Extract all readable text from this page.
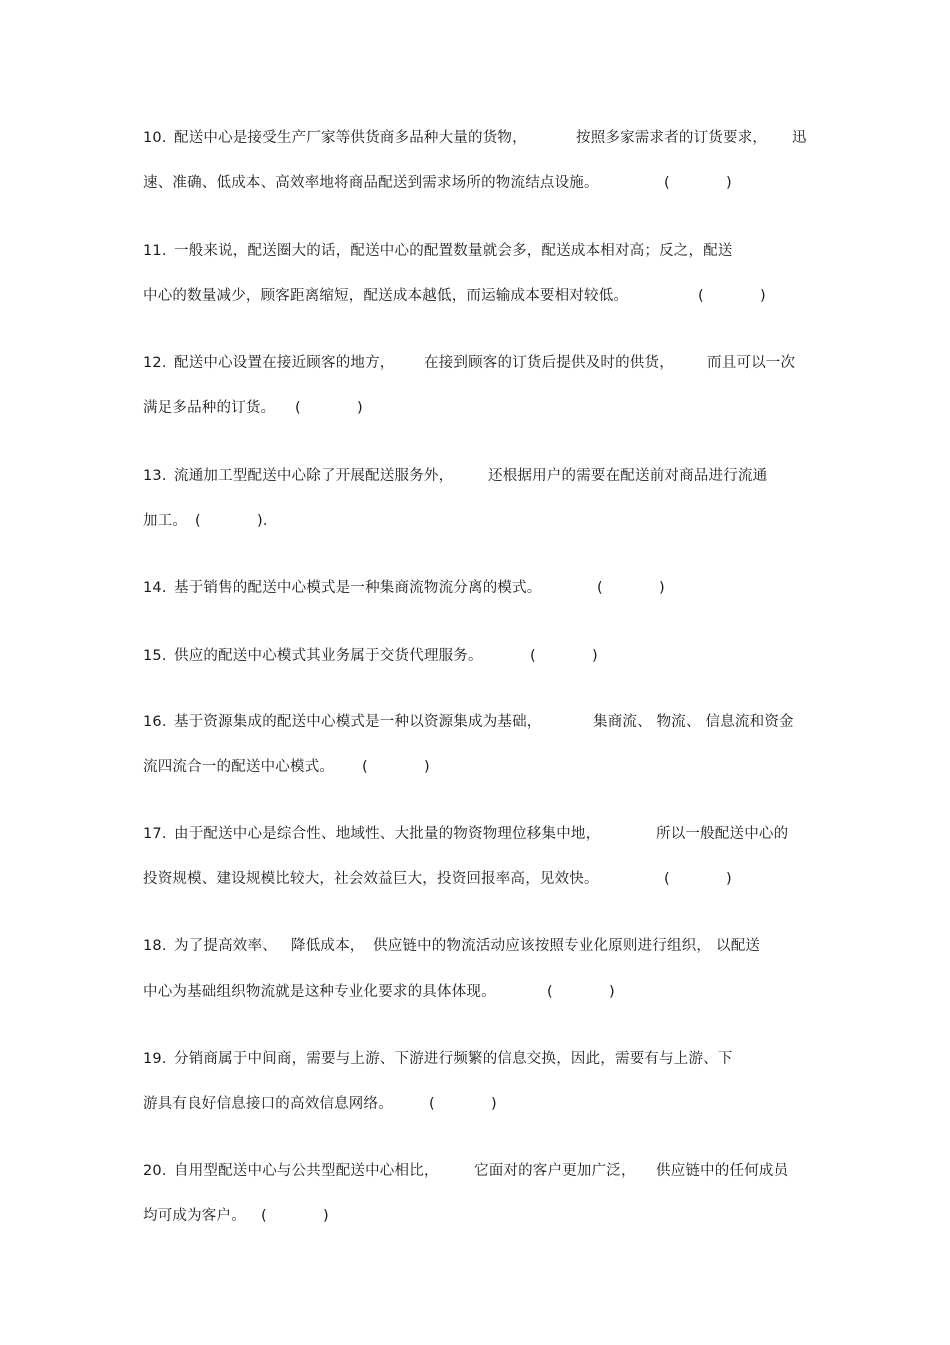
10.

配送中心是接受生产厂家等供货商多品种大量的货物，

	按照多家需求者的订货要求，

迅

速、准确、低成本、高效率地将商品配送到需求场所的物流结点设施。

	(

	)

11.

一般来说，配送圈大的话，配送中心的配置数量就会多，配送成本相对高；反之，配送

中心的数量减少，顾客距离缩短，配送成本越低，而运输成本要相对较低。

	(

	)

12.

配送中心设置在接近顾客的地方，

在接到顾客的订货后提供及时的供货，

而且可以一次

满足多品种的订货。

(

	)

13.

流通加工型配送中心除了开展配送服务外，

还根据用户的需要在配送前对商品进行流通

加工。

(

	)．

14.

基于销售的配送中心模式是一种集商流物流分离的模式。

	(

	)

15.

供应的配送中心模式其业务属于交货代理服务。

	(

	)

16.

基于资源集成的配送中心模式是一种以资源集成为基础，

	集商流、 物流、 信息流和资金

流四流合一的配送中心模式。

(

	)

17.

由于配送中心是综合性、地域性、大批量的物资物理位移集中地，

	所以一般配送中心的

投资规模、建设规模比较大，社会效益巨大，投资回报率高，见效快。

	(

	)

18.

为了提高效率、

降低成本，

供应链中的物流活动应该按照专业化原则进行组织，

以配送

中心为基础组织物流就是这种专业化要求的具体体现。

	(

	)

19.

分销商属于中间商，需要与上游、下游进行频繁的信息交换，因此，需要有与上游、下

游具有良好信息接口的高效信息网络。

(

	)

20.

自用型配送中心与公共型配送中心相比，

它面对的客户更加广泛，

供应链中的任何成员

均可成为客户。

(

	)
